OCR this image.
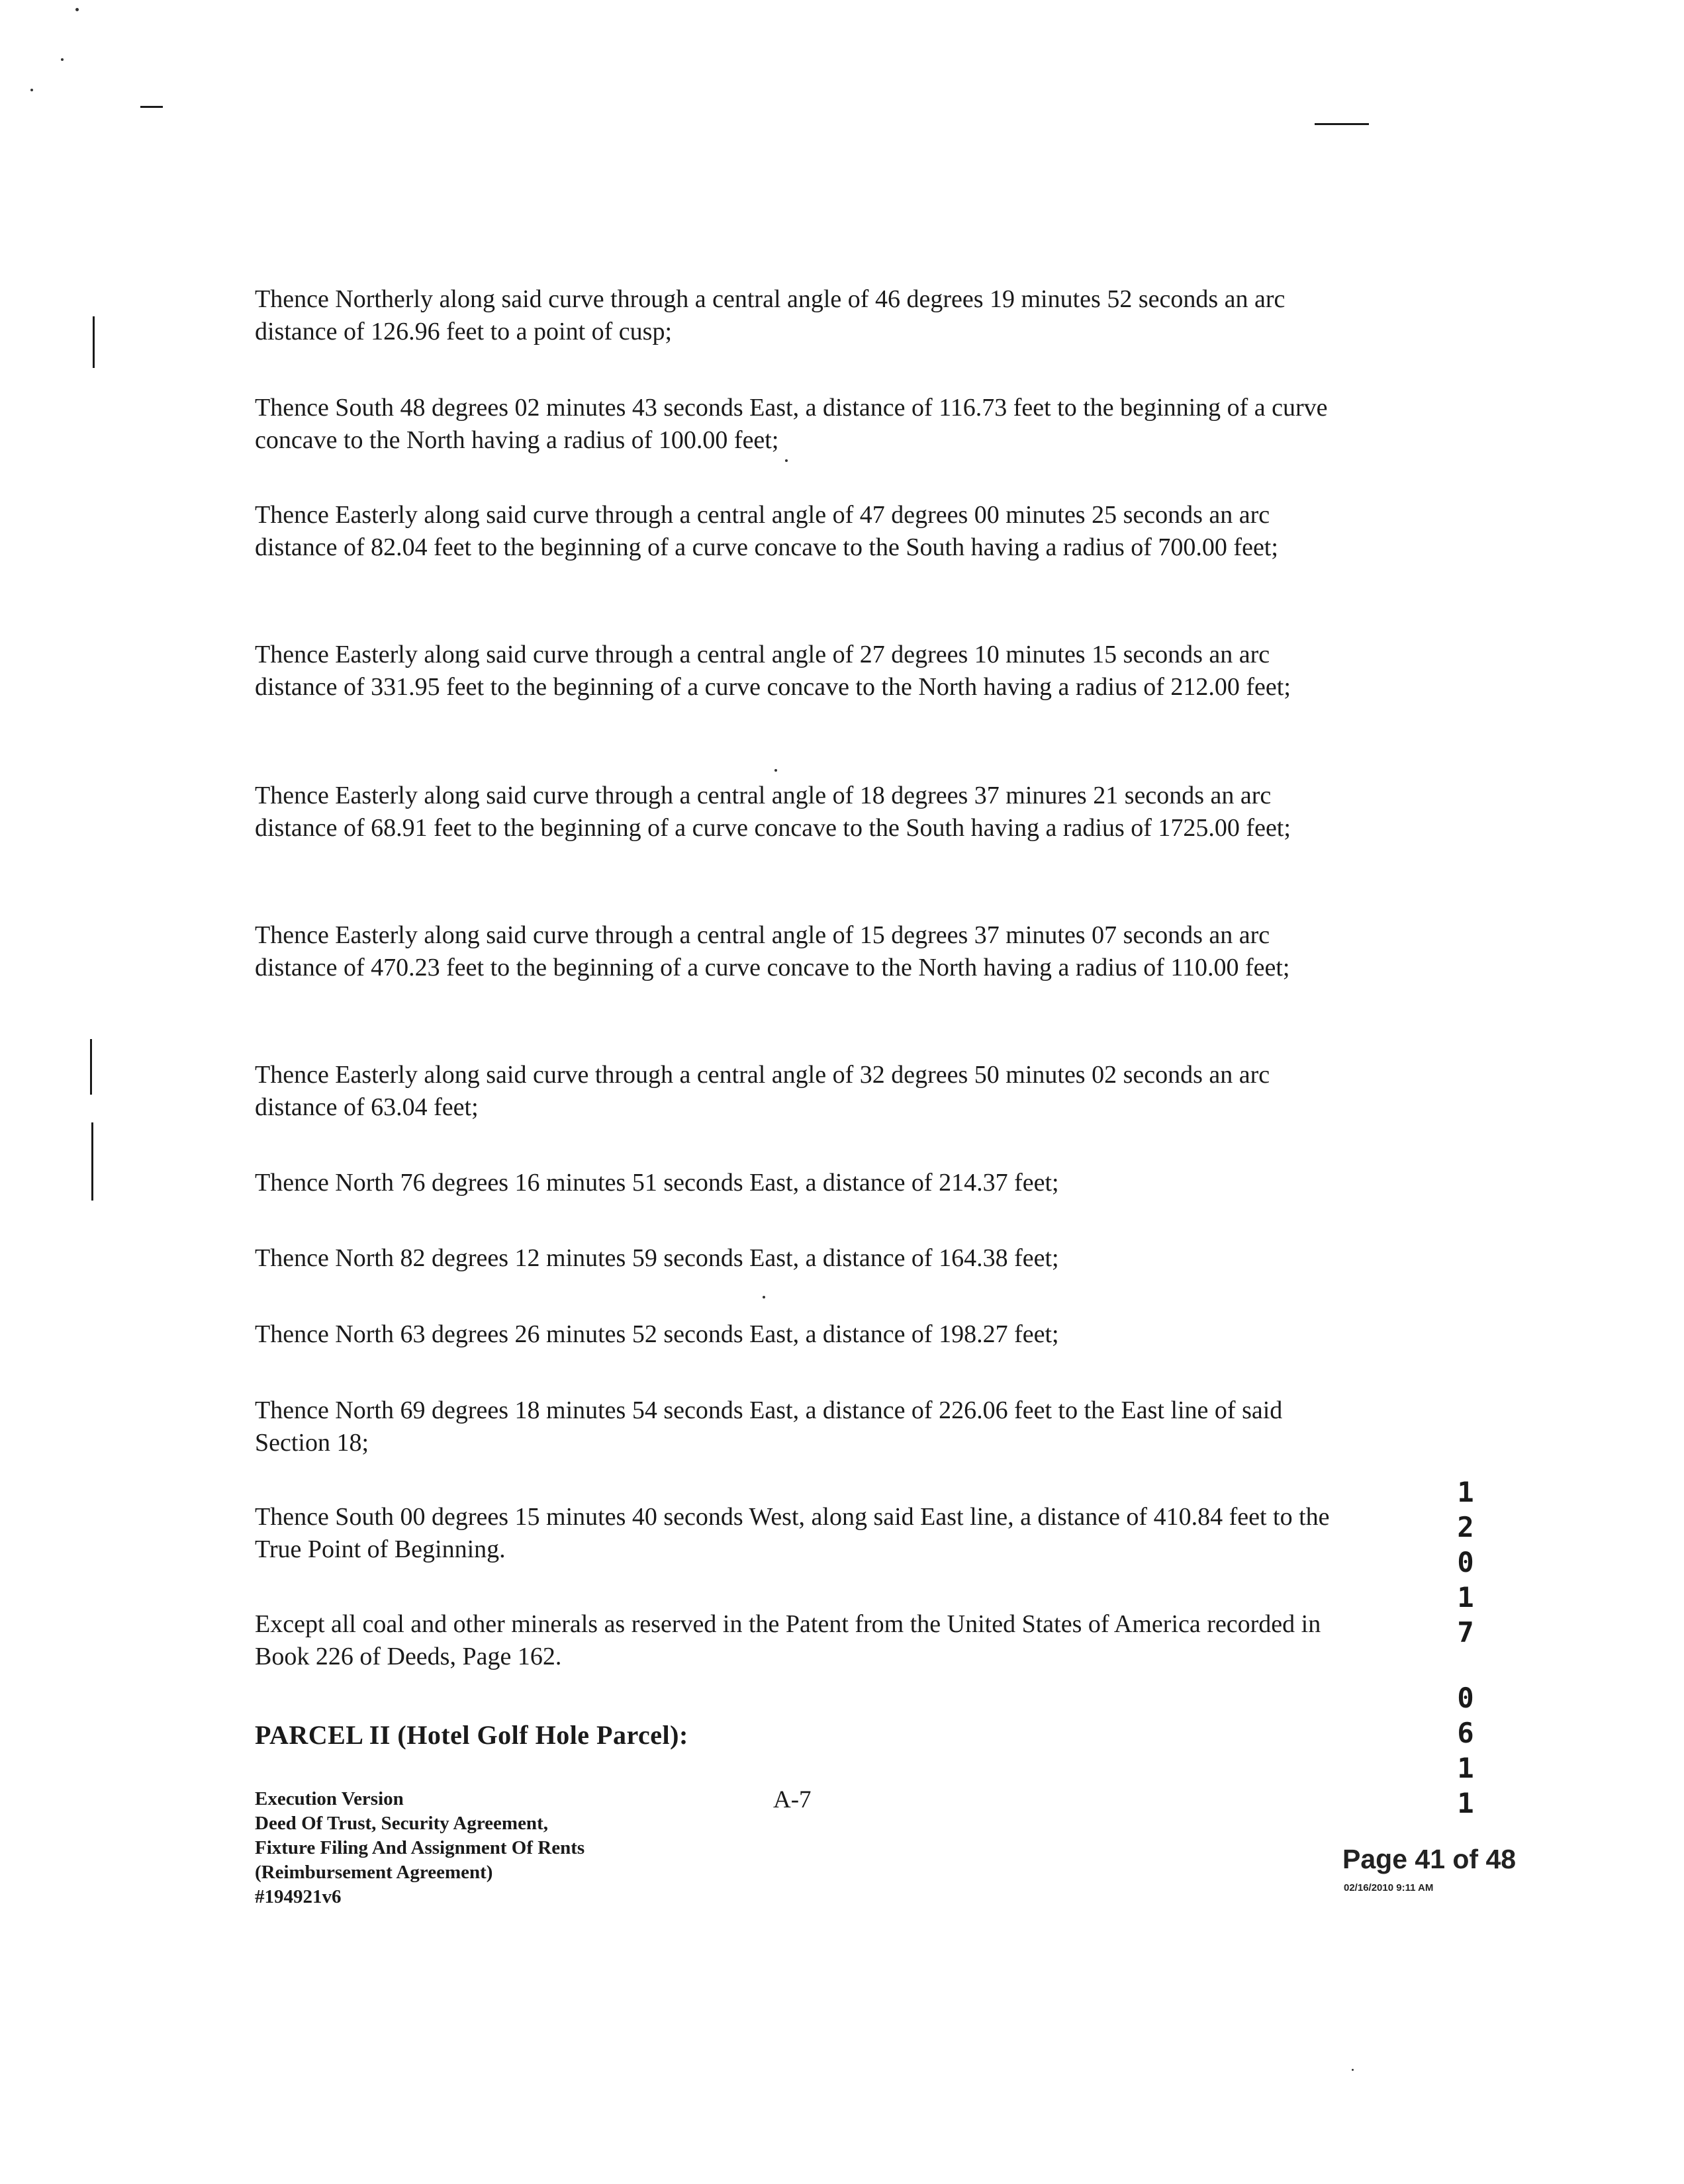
Thence Northerly along said curve through a central angle of 46 degrees 19 minutes 52 seconds an arc distance of 126.96 feet to a point of cusp;

Thence South 48 degrees 02 minutes 43 seconds East, a distance of 116.73 feet to the beginning of a curve concave to the North having a radius of 100.00 feet;

Thence Easterly along said curve through a central angle of 47 degrees 00 minutes 25 seconds an arc distance of 82.04 feet to the beginning of a curve concave to the South having a radius of 700.00 feet;

Thence Easterly along said curve through a central angle of 27 degrees 10 minutes 15 seconds an arc distance of 331.95 feet to the beginning of a curve concave to the North having a radius of 212.00 feet;

Thence Easterly along said curve through a central angle of 18 degrees 37 minures 21 seconds an arc distance of 68.91 feet to the beginning of a curve concave to the South having a radius of 1725.00 feet;

Thence Easterly along said curve through a central angle of 15 degrees 37 minutes 07 seconds an arc distance of 470.23 feet to the beginning of a curve concave to the North having a radius of 110.00 feet;

Thence Easterly along said curve through a central angle of 32 degrees 50 minutes 02 seconds an arc distance of 63.04 feet;

Thence North 76 degrees 16 minutes 51 seconds East, a distance of 214.37 feet;

Thence North 82 degrees 12 minutes 59 seconds East, a distance of 164.38 feet;

Thence North 63 degrees 26 minutes 52 seconds East, a distance of 198.27 feet;

Thence North 69 degrees 18 minutes 54 seconds East, a distance of 226.06 feet to the East line of said Section 18;

Thence South 00 degrees 15 minutes 40 seconds West, along said East line, a distance of 410.84 feet to the True Point of Beginning.

Except all coal and other minerals as reserved in the Patent from the United States of America recorded in Book 226 of Deeds, Page 162.

PARCEL II (Hotel Golf Hole Parcel):

Execution Version
Deed Of Trust, Security Agreement,
Fixture Filing And Assignment Of Rents
(Reimbursement Agreement)
#194921v6
A-7
Page 41 of 48
02/16/2010 9:11 AM
1
2
0
1
7
0
6
1
1
